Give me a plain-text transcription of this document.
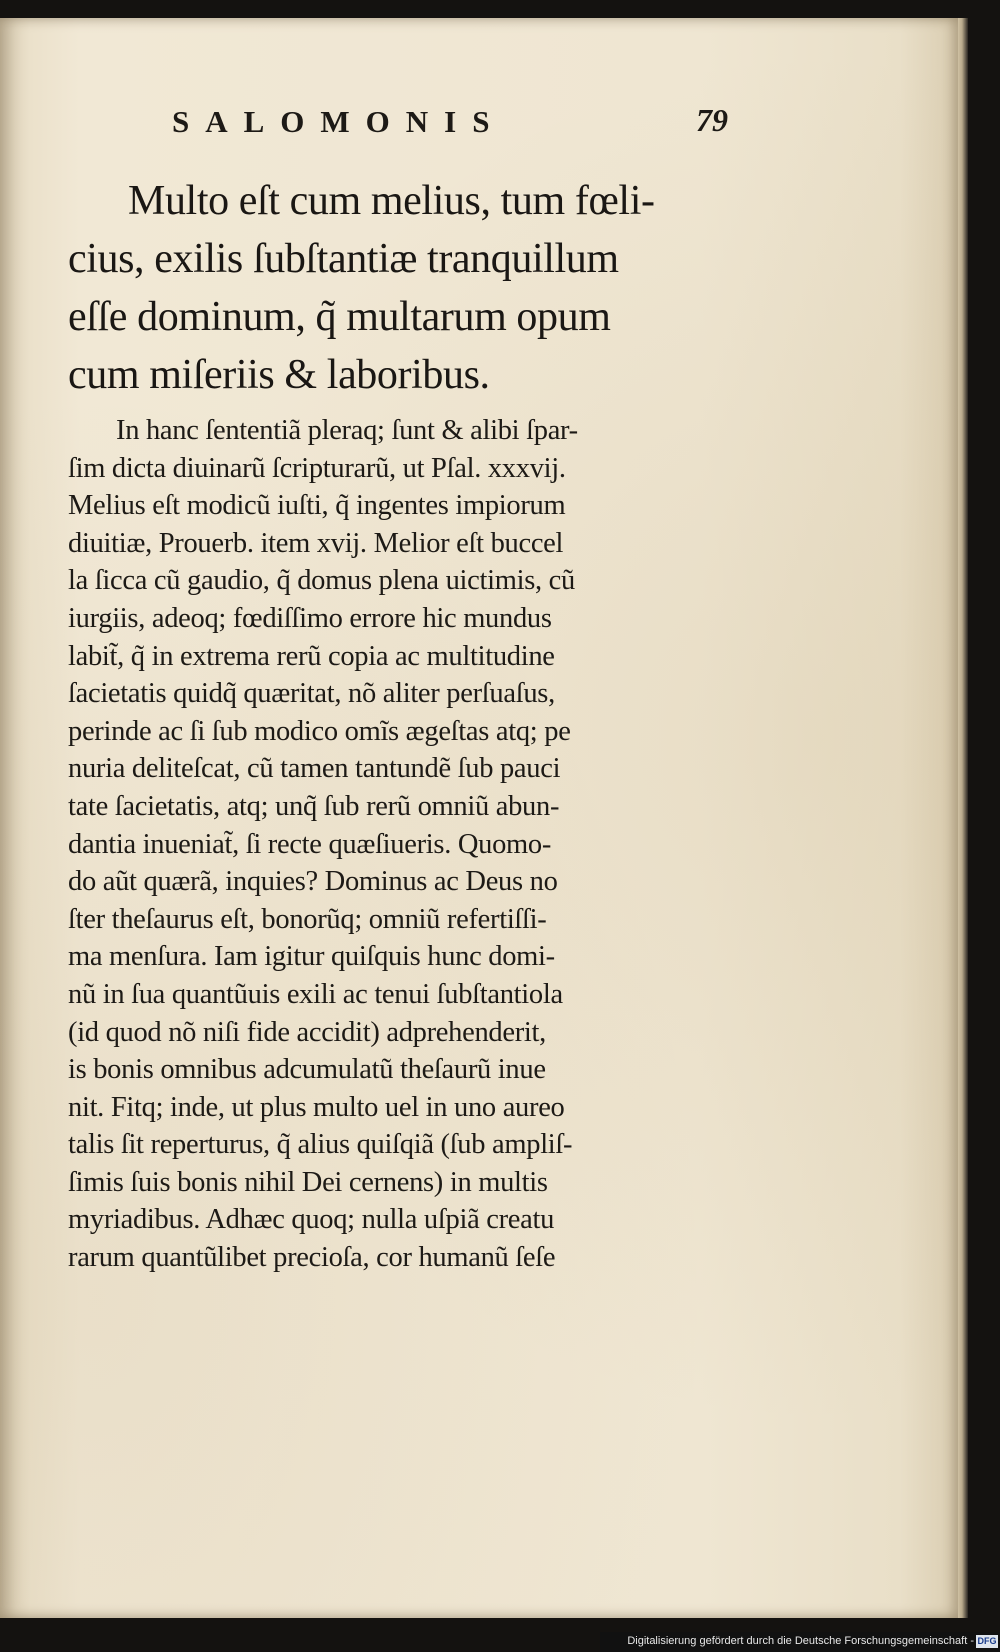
SALOMONIS	79
Multo eſt cum melius, tum fœli-
cius, exilis ſubſtantiæ tranquillum
eſſe dominum, q̃ multarum opum
cum miſeriis & laboribus.
In hanc ſententiã pleraq; ſunt & alibi ſpar-
ſim dicta diuinarũ ſcripturarũ, ut Pſal. xxxvij.
Melius eſt modicũ iuſti, q̃ ingentes impiorum
diuitiæ, Prouerb. item xvij. Melior eſt buccel
la ſicca cũ gaudio, q̃ domus plena uictimis, cũ
iurgiis, adeoq; fœdiſſimo errore hic mundus
labit̃, q̃ in extrema rerũ copia ac multitudine
ſacietatis quidq̃ quæritat, nõ aliter perſuaſus,
perinde ac ſi ſub modico omĩs ægeſtas atq; pe
nuria deliteſcat, cũ tamen tantundẽ ſub pauci
tate ſacietatis, atq; unq̃ ſub rerũ omniũ abun-
dantia inueniat̃, ſi recte quæſiueris. Quomo-
do aũt quærã, inquies? Dominus ac Deus no
ſter theſaurus eſt, bonorũq; omniũ refertiſſi-
ma menſura. Iam igitur quiſquis hunc domi-
nũ in ſua quantũuis exili ac tenui ſubſtantiola
(id quod nõ niſi fide accidit) adprehenderit,
is bonis omnibus adcumulatũ theſaurũ inue
nit. Fitq; inde, ut plus multo uel in uno aureo
talis ſit reperturus, q̃ alius quiſqiã (ſub ampliſ-
ſimis ſuis bonis nihil Dei cernens) in multis
myriadibus. Adhæc quoq; nulla uſpiã creatu
rarum quantũlibet precioſa, cor humanũ ſeſe
Digitalisierung gefördert durch die Deutsche Forschungsgemeinschaft - DFG
